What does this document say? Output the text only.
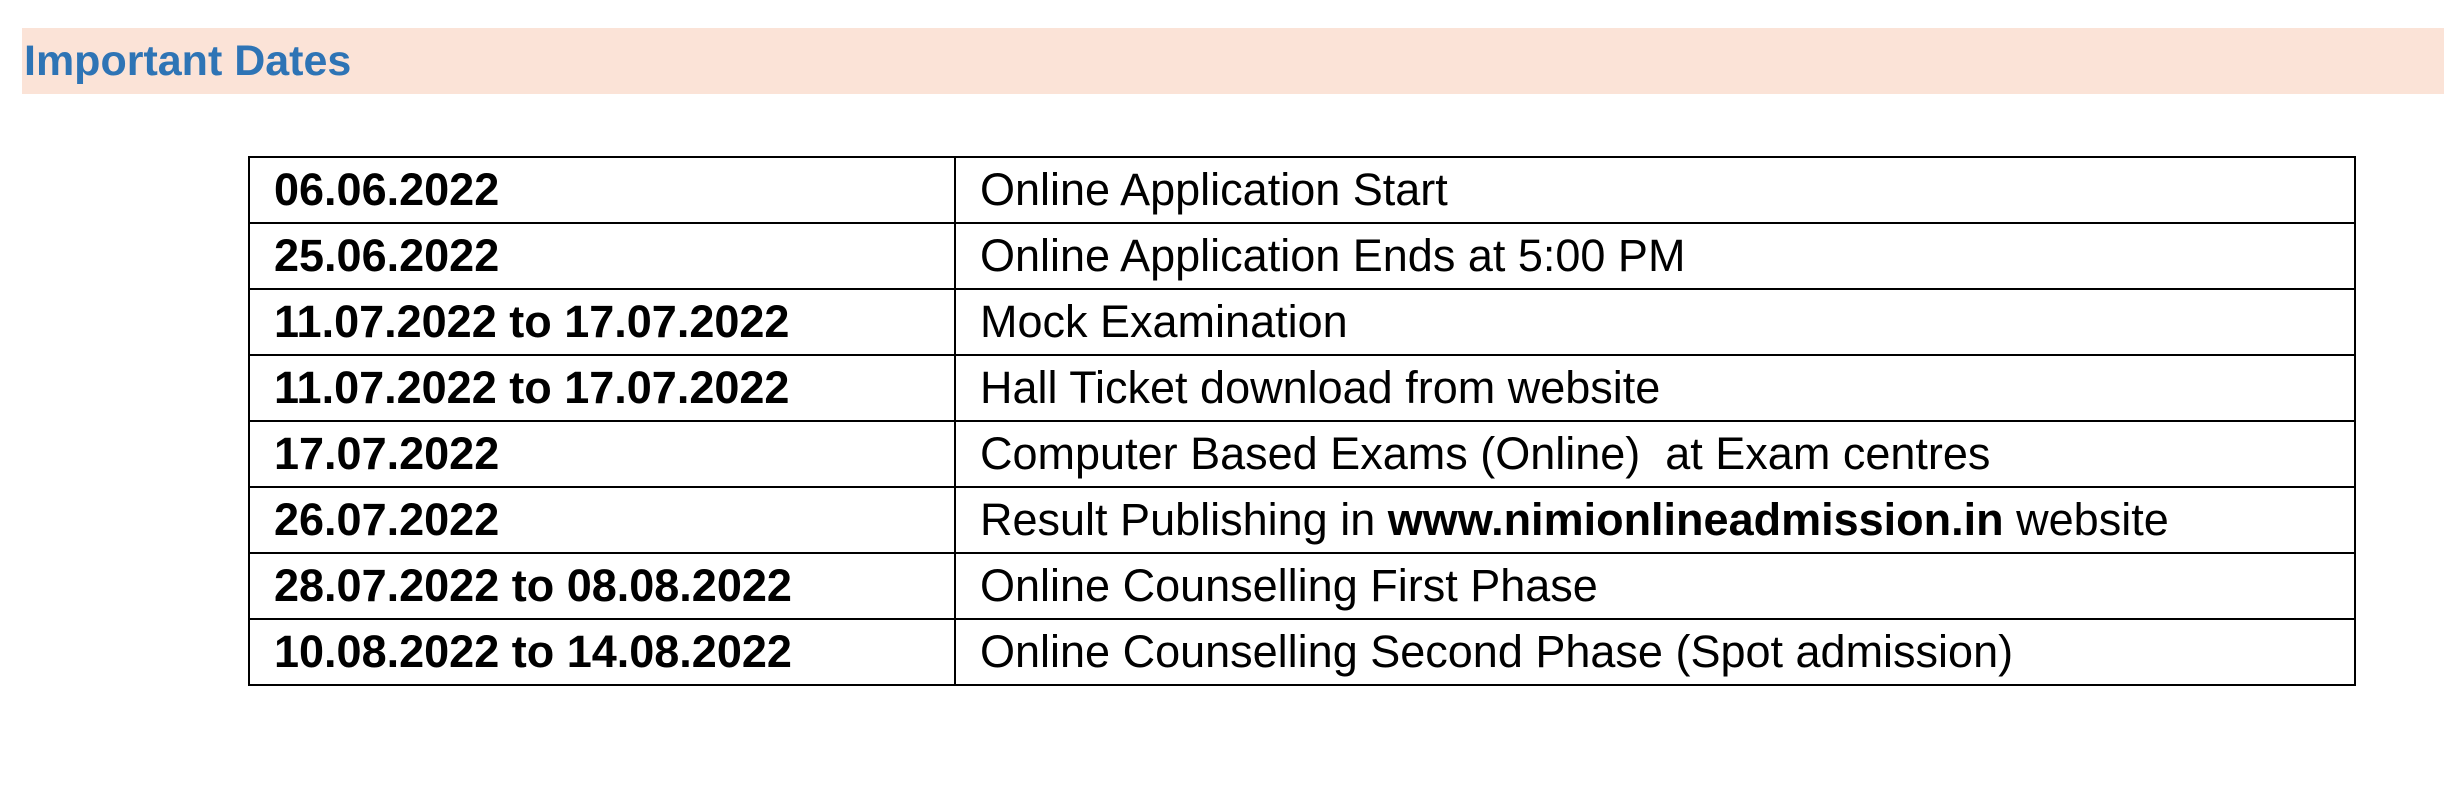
Important Dates
06.06.2022	Online Application Start
25.06.2022	Online Application Ends at 5:00 PM
11.07.2022 to 17.07.2022	Mock Examination
11.07.2022 to 17.07.2022	Hall Ticket download from website
17.07.2022	Computer Based Exams (Online)  at Exam centres
26.07.2022	Result Publishing in www.nimionlineadmission.in website
28.07.2022 to 08.08.2022	Online Counselling First Phase
10.08.2022 to 14.08.2022	Online Counselling Second Phase (Spot admission)
